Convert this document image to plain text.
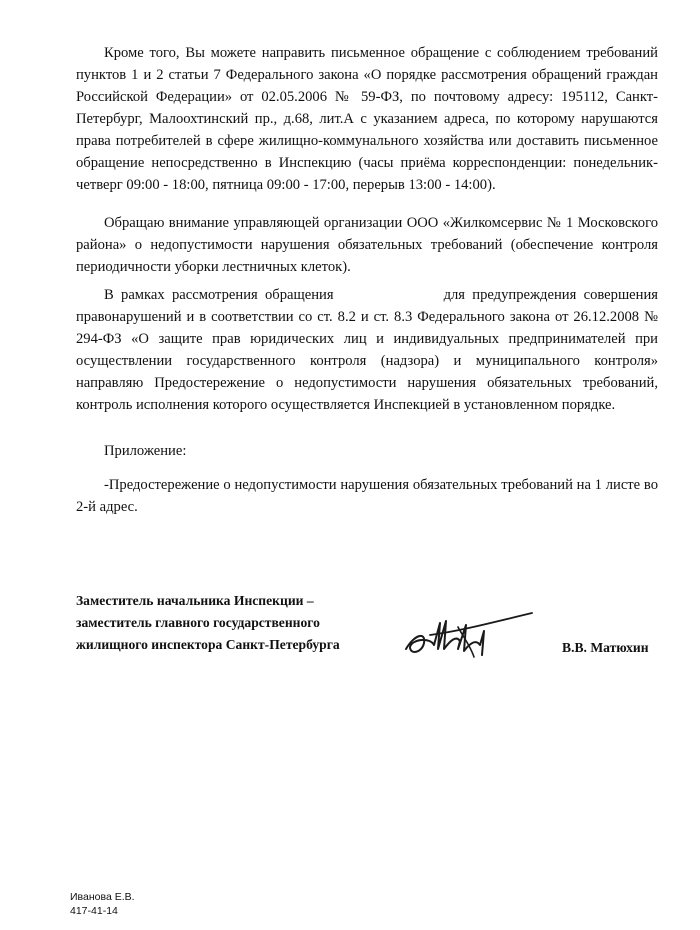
Кроме того, Вы можете направить письменное обращение с соблюдением требований пунктов 1 и 2 статьи 7 Федерального закона «О порядке рассмотрения обращений граждан Российской Федерации» от 02.05.2006 № 59-ФЗ, по почтовому адресу: 195112, Санкт-Петербург, Малоохтинский пр., д.68, лит.А с указанием адреса, по которому нарушаются права потребителей в сфере жилищно-коммунального хозяйства или доставить письменное обращение непосредственно в Инспекцию (часы приёма корреспонденции: понедельник-четверг 09:00 - 18:00, пятница 09:00 - 17:00, перерыв 13:00 - 14:00).

Обращаю внимание управляющей организации ООО «Жилкомсервис № 1 Московского района» о недопустимости нарушения обязательных требований (обеспечение контроля периодичности уборки лестничных клеток).

В рамках рассмотрения обращения	для предупреждения совершения правонарушений и в соответствии со ст. 8.2 и ст. 8.3 Федерального закона от 26.12.2008 № 294-ФЗ «О защите прав юридических лиц и индивидуальных предпринимателей при осуществлении государственного контроля (надзора) и муниципального контроля» направляю Предостережение о недопустимости нарушения обязательных требований, контроль исполнения которого осуществляется Инспекцией в установленном порядке.

Приложение:

-Предостережение о недопустимости нарушения обязательных требований на 1 листе во 2-й адрес.

Заместитель начальника Инспекции –
заместитель главного государственного
жилищного инспектора Санкт-Петербурга	В.В. Матюхин
Иванова Е.В.
417-41-14
